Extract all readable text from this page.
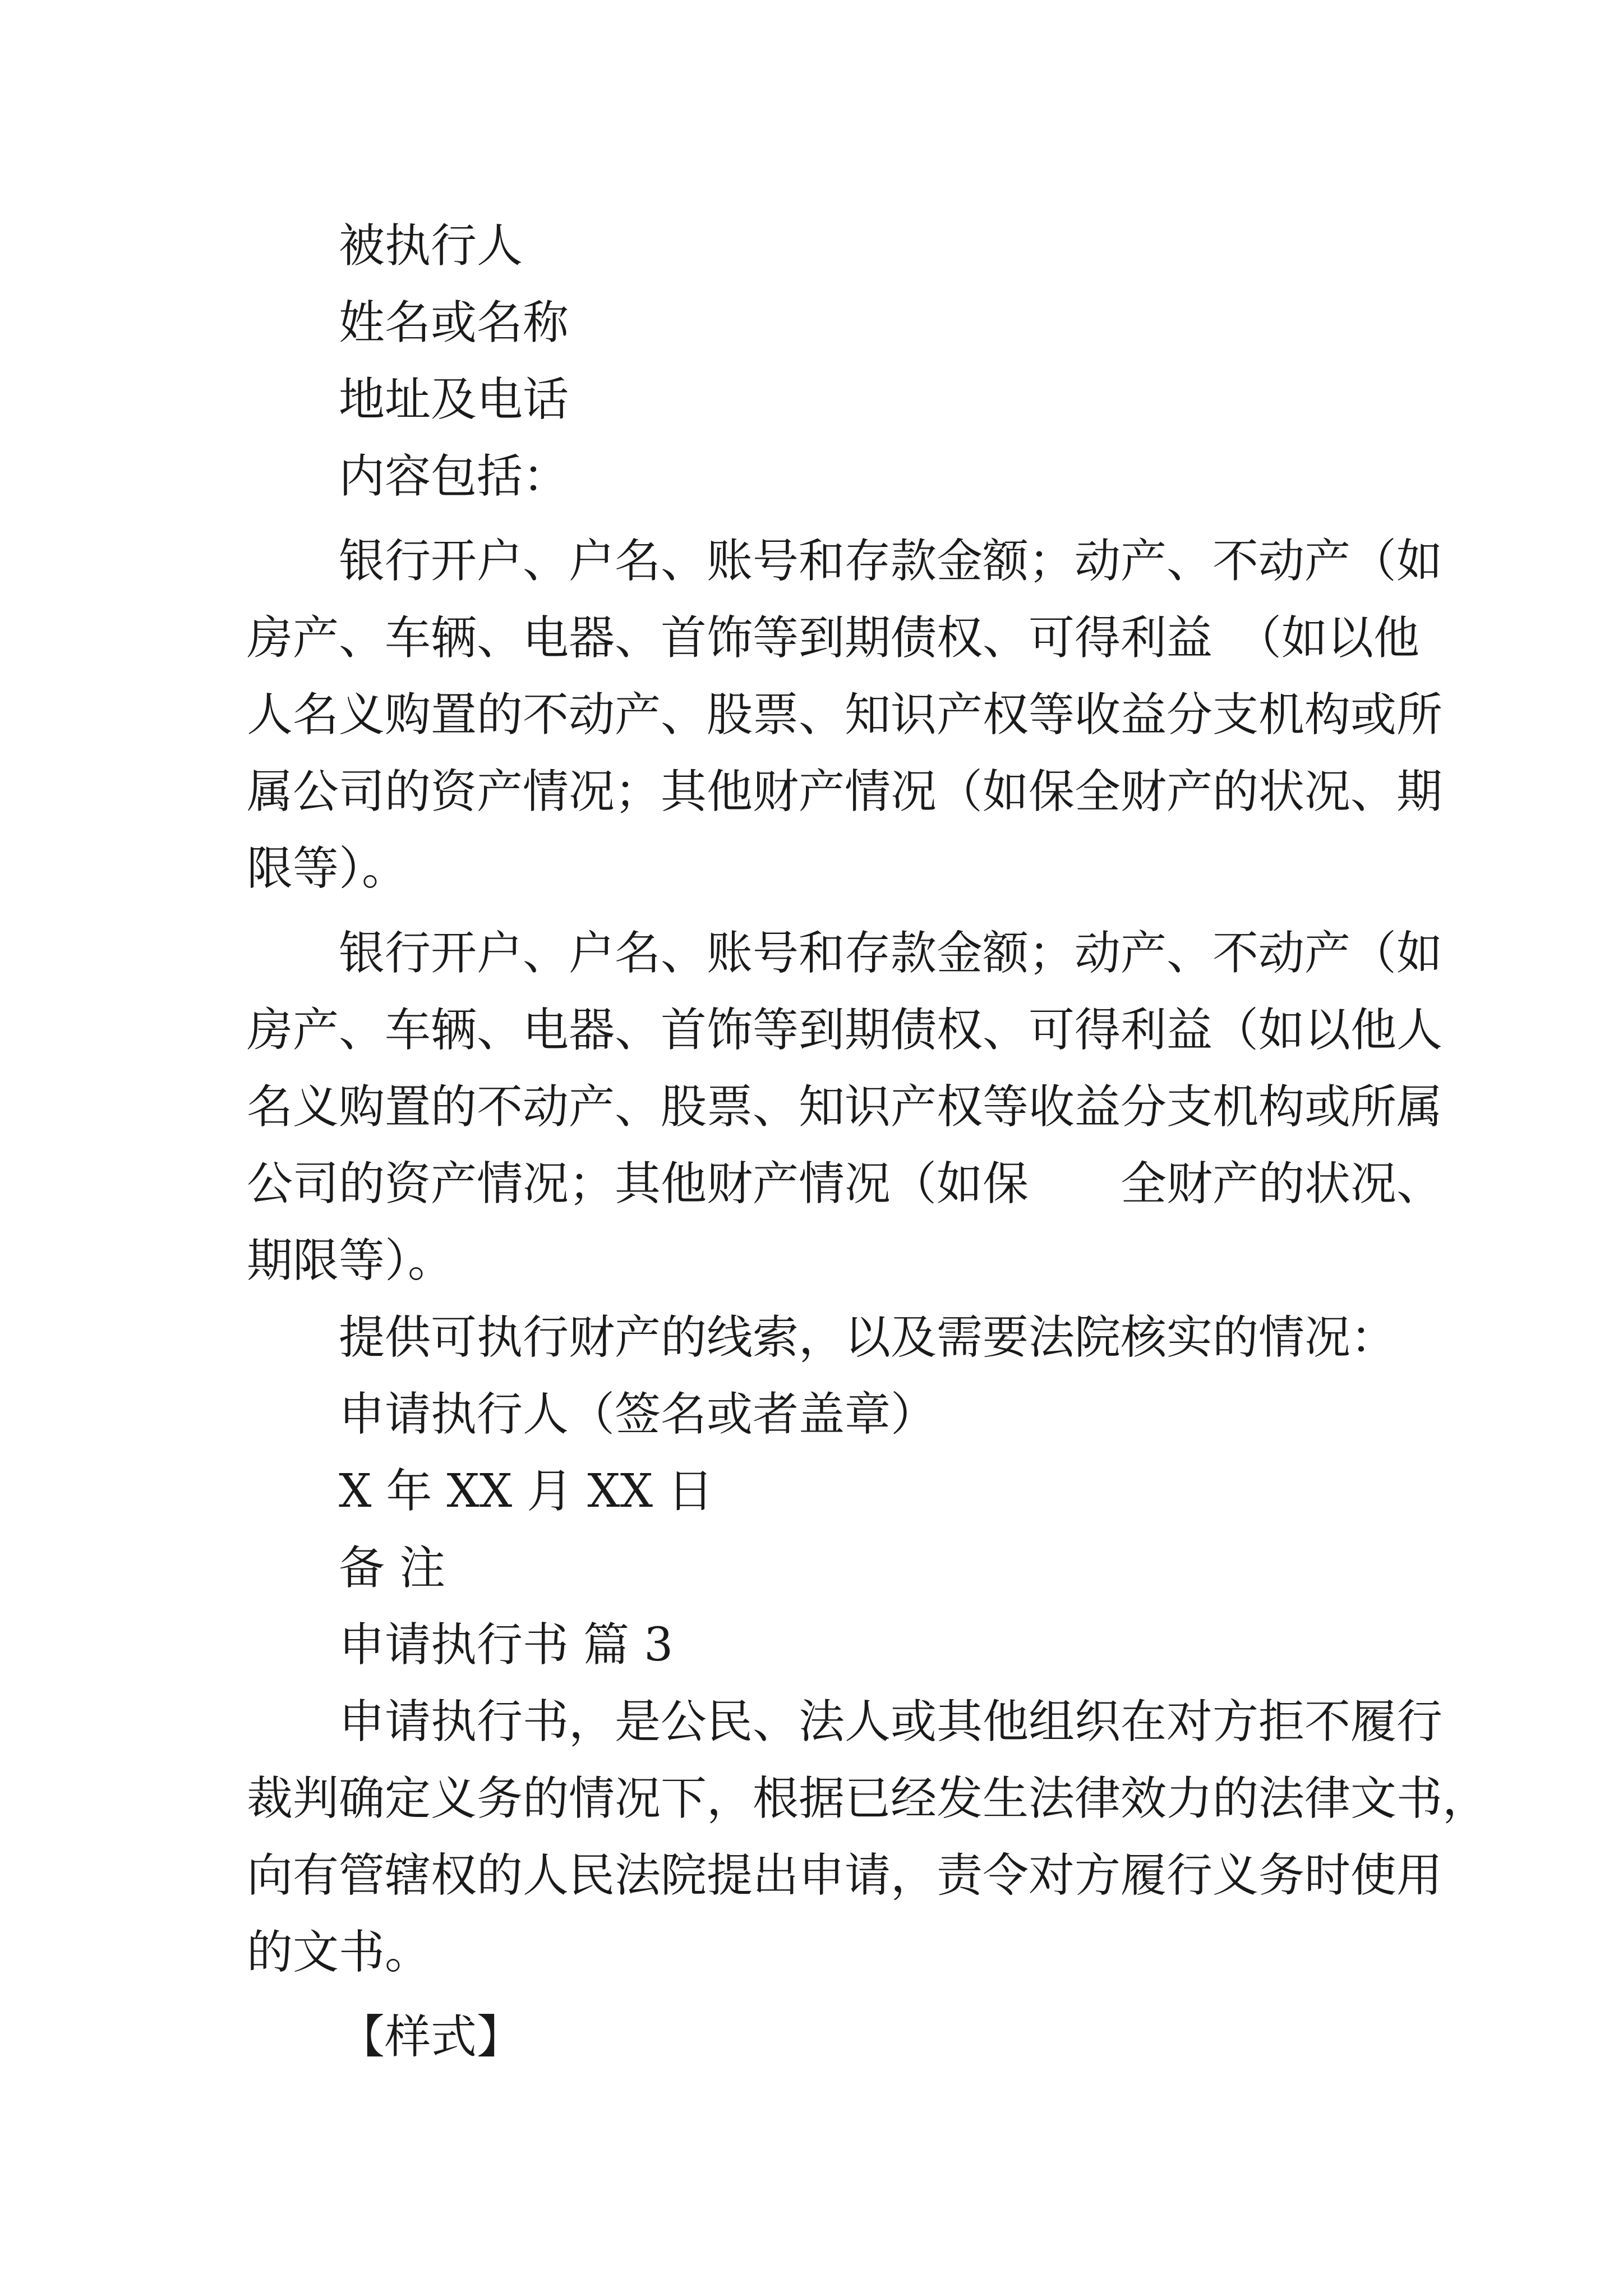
被执行人

姓名或名称

地址及电话

内容包括：

银行开户、户名、账号和存款金额；动产、不动产（如

房产、车辆、电器、首饰等到期债权、可得利益　（如以他

人名义购置的不动产、股票、知识产权等收益分支机构或所

属公司的资产情况；其他财产情况（如保全财产的状况、期

限等）。

银行开户、户名、账号和存款金额；动产、不动产（如

房产、车辆、电器、首饰等到期债权、可得利益（如以他人

名义购置的不动产、股票、知识产权等收益分支机构或所属

公司的资产情况；其他财产情况（如保　　全财产的状况、

期限等）。

提供可执行财产的线索，以及需要法院核实的情况：

申请执行人（签名或者盖章）

X 年 XX 月 XX 日

备 注

申请执行书 篇 3

申请执行书，是公民、法人或其他组织在对方拒不履行

裁判确定义务的情况下，根据已经发生法律效力的法律文书，

向有管辖权的人民法院提出申请，责令对方履行义务时使用

的文书。

【样式】
